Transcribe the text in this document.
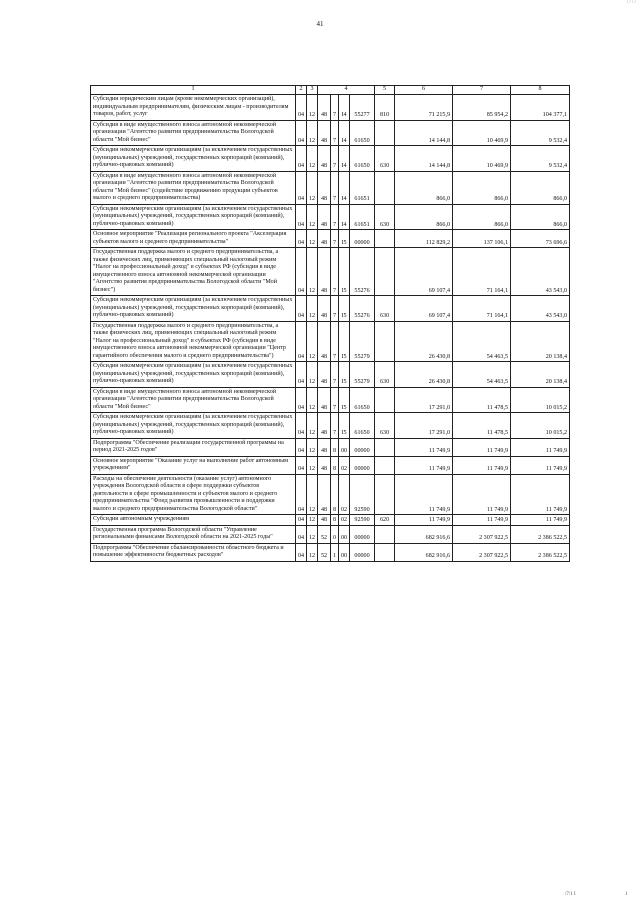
/ / / /
41
1	2	3	4				5	6	7	8
Субсидии юридическим лицам (кроме некоммерческих организаций), индивидуальным предпринимателям, физическим лицам - производителям товаров, работ, услуг	04	12	48	7	I4	55277	810	71 215,9	85 954,2	104 377,1
Субсидия в виде имущественного взноса автономной некоммерческой организации "Агентство развития предпринимательства Вологодской области "Мой бизнес"	04	12	48	7	I4	61650		14 144,8	10 469,9	9 532,4
Субсидии некоммерческим организациям (за исключением государственных (муниципальных) учреждений, государственных корпораций (компаний), публично-правовых компаний)	04	12	48	7	I4	61650	630	14 144,8	10 469,9	9 532,4
Субсидия в виде имущественного взноса автономной некоммерческой организации "Агентство развития предпринимательства Вологодской области "Мой бизнес" (содействие продвижению продукции субъектов малого и среднего предпринимательства)	04	12	48	7	I4	61651		866,0	866,0	866,0
Субсидии некоммерческим организациям (за исключением государственных (муниципальных) учреждений, государственных корпораций (компаний), публично-правовых компаний)	04	12	48	7	I4	61651	630	866,0	866,0	866,0
Основное мероприятие "Реализация регионального проекта "Акселерация субъектов малого и среднего предпринимательства"	04	12	48	7	I5	00000		112 829,2	137 106,1	73 696,6
Государственная поддержка малого и среднего предпринимательства, а также физических лиц, применяющих специальный налоговый режим "Налог на профессиональный доход" в субъектах РФ (субсидия в виде имущественного взноса автономной некоммерческой организации "Агентство развития предпринимательства Вологодской области "Мой бизнес")	04	12	48	7	I5	55276		69 107,4	71 164,1	43 543,0
Субсидии некоммерческим организациям (за исключением государственных (муниципальных) учреждений, государственных корпораций (компаний), публично-правовых компаний)	04	12	48	7	I5	55276	630	69 107,4	71 164,1	43 543,0
Государственная поддержка малого и среднего предпринимательства, а также физических лиц, применяющих специальный налоговый режим "Налог на профессиональный доход" в субъектах РФ (субсидия в виде имущественного взноса автономной некоммерческой организации "Центр гарантийного обеспечения малого и среднего предпринимательства")	04	12	48	7	I5	55279		26 430,8	54 463,5	20 138,4
Субсидии некоммерческим организациям (за исключением государственных (муниципальных) учреждений, государственных корпораций (компаний), публично-правовых компаний)	04	12	48	7	I5	55279	630	26 430,8	54 463,5	20 138,4
Субсидия в виде имущественного взноса автономной некоммерческой организации "Агентство развития предпринимательства Вологодской области "Мой бизнес"	04	12	48	7	I5	61650		17 291,0	11 478,5	10 015,2
Субсидии некоммерческим организациям (за исключением государственных (муниципальных) учреждений, государственных корпораций (компаний), публично-правовых компаний)	04	12	48	7	I5	61650	630	17 291,0	11 478,5	10 015,2
Подпрограмма "Обеспечение реализации государственной программы на период 2021-2025 годов"	04	12	48	8	00	00000		11 749,9	11 749,9	11 749,9
Основное мероприятие "Оказание услуг на выполнение работ автономным учреждением"	04	12	48	8	02	00000		11 749,9	11 749,9	11 749,9
Расходы на обеспечение деятельности (оказание услуг) автономного учреждения Вологодской области в сфере поддержки субъектов деятельности в сфере промышленности и субъектов малого и среднего предпринимательства "Фонд развития промышленности и поддержки малого и среднего предпринимательства Вологодской области"	04	12	48	8	02	92590		11 749,9	11 749,9	11 749,9
Субсидии автономным учреждениям	04	12	48	8	02	92590	620	11 749,9	11 749,9	11 749,9
Государственная программа Вологодской области "Управление региональными финансами Вологодской области на 2021-2025 годы"	04	12	52	0	00	00000		682 916,6	2 307 922,5	2 386 522,5
Подпрограмма "Обеспечение сбалансированности областного бюджета и повышение эффективности бюджетных расходов"	04	12	52	1	00	00000		682 916,6	2 307 922,5	2 386 522,5
/7/1 I	1
